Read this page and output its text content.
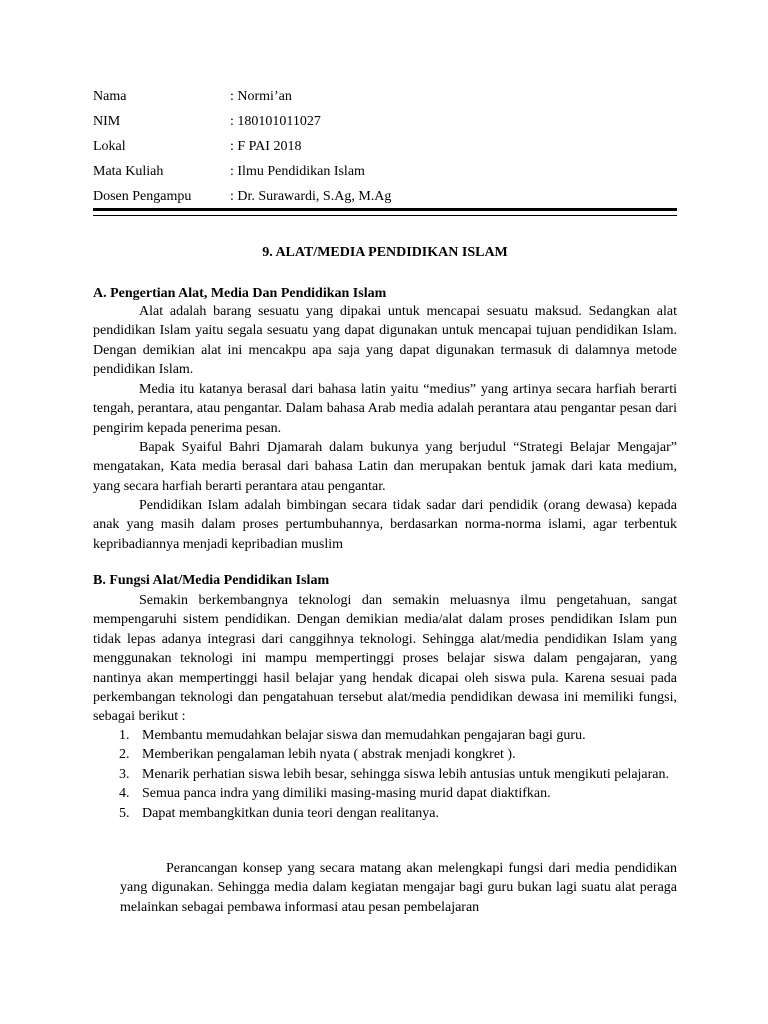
Nama	: Normi’an
NIM	: 180101011027
Lokal	: F PAI 2018
Mata Kuliah	: Ilmu Pendidikan Islam
Dosen Pengampu	: Dr. Surawardi, S.Ag, M.Ag
9. ALAT/MEDIA PENDIDIKAN ISLAM
A. Pengertian Alat, Media Dan Pendidikan Islam

Alat adalah barang sesuatu yang dipakai untuk mencapai sesuatu maksud. Sedangkan alat pendidikan Islam yaitu segala sesuatu yang dapat digunakan untuk mencapai tujuan pendidikan Islam. Dengan demikian alat ini mencakpu apa saja yang dapat digunakan termasuk di dalamnya metode pendidikan Islam.

Media itu katanya berasal dari bahasa latin yaitu “medius” yang artinya secara harfiah berarti tengah, perantara, atau pengantar. Dalam bahasa Arab media adalah perantara atau pengantar pesan dari pengirim kepada penerima pesan.

Bapak Syaiful Bahri Djamarah dalam bukunya yang berjudul “Strategi Belajar Mengajar” mengatakan, Kata media berasal dari bahasa Latin dan merupakan bentuk jamak dari kata medium, yang secara harfiah berarti perantara atau pengantar.

Pendidikan Islam adalah bimbingan secara tidak sadar dari pendidik (orang dewasa) kepada anak yang masih dalam proses pertumbuhannya, berdasarkan norma-norma islami, agar terbentuk kepribadiannya menjadi kepribadian muslim

B. Fungsi Alat/Media Pendidikan Islam

Semakin berkembangnya teknologi dan semakin meluasnya ilmu pengetahuan, sangat mempengaruhi sistem pendidikan. Dengan demikian media/alat dalam proses pendidikan Islam pun tidak lepas adanya integrasi dari canggihnya teknologi. Sehingga alat/media pendidikan Islam yang menggunakan teknologi ini mampu mempertinggi proses belajar siswa dalam pengajaran, yang nantinya akan mempertinggi hasil belajar yang hendak dicapai oleh siswa pula. Karena sesuai pada perkembangan teknologi dan pengatahuan tersebut alat/media pendidikan dewasa ini memiliki fungsi, sebagai berikut :

1. Membantu memudahkan belajar siswa dan memudahkan pengajaran bagi guru.
2. Memberikan pengalaman lebih nyata ( abstrak menjadi kongkret ).
3. Menarik perhatian siswa lebih besar, sehingga siswa lebih antusias untuk mengikuti pelajaran.
4. Semua panca indra yang dimiliki masing-masing murid dapat diaktifkan.
5. Dapat membangkitkan dunia teori dengan realitanya.

Perancangan konsep yang secara matang akan melengkapi fungsi dari media pendidikan yang digunakan. Sehingga media dalam kegiatan mengajar bagi guru bukan lagi suatu alat peraga melainkan sebagai pembawa informasi atau pesan pembelajaran
